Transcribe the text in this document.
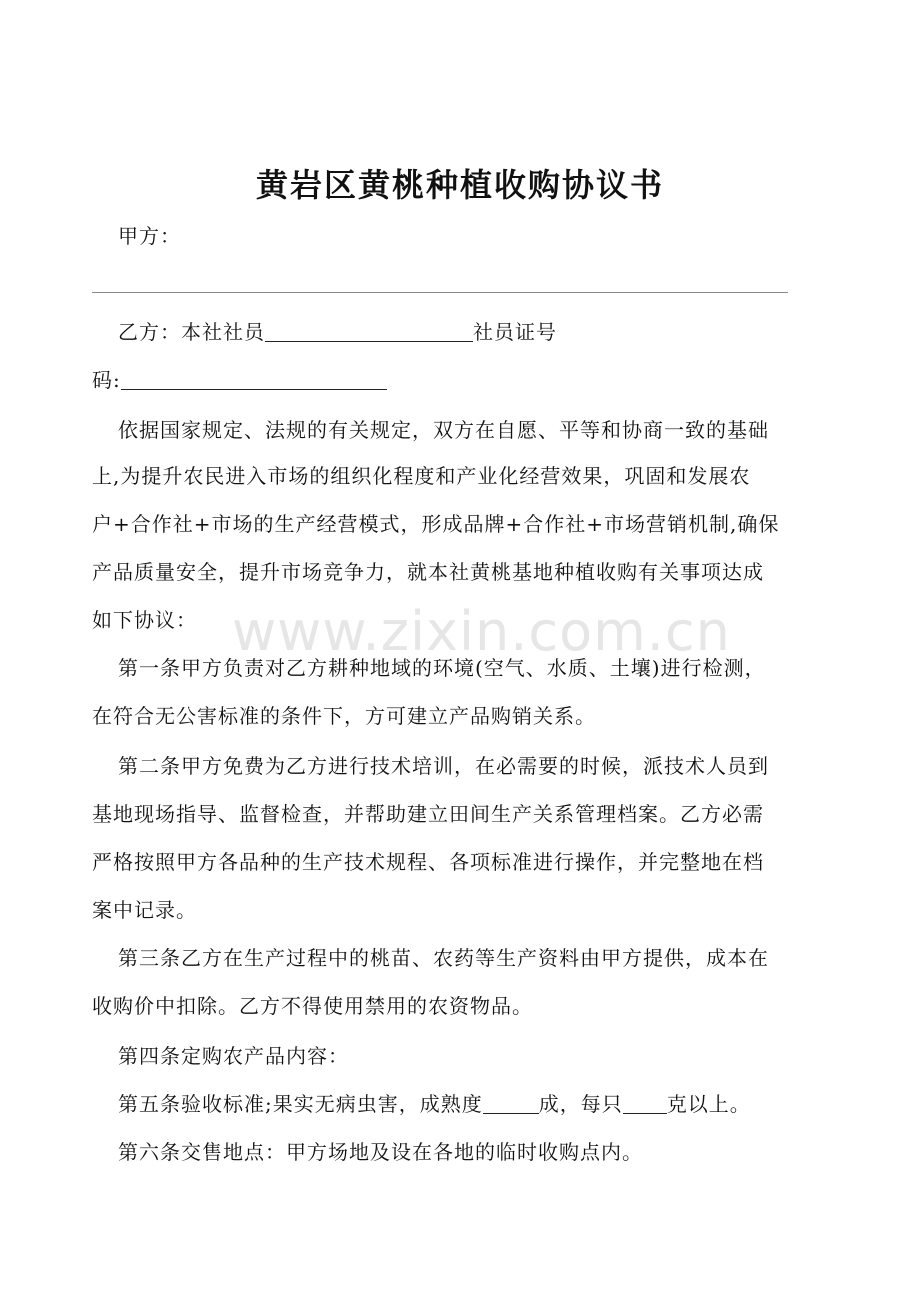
黄岩区黄桃种植收购协议书
甲方：
乙方：本社社员	社员证号
码:
依据国家规定、法规的有关规定，双方在自愿、平等和协商一致的基础
上,为提升农民进入市场的组织化程度和产业化经营效果，巩固和发展农
户+合作社+市场的生产经营模式，形成品牌+合作社+市场营销机制,确保
产品质量安全，提升市场竞争力，就本社黄桃基地种植收购有关事项达成
如下协议：
第一条甲方负责对乙方耕种地域的环境(空气、水质、土壤)进行检测，
在符合无公害标准的条件下，方可建立产品购销关系。
第二条甲方免费为乙方进行技术培训，在必需要的时候，派技术人员到
基地现场指导、监督检查，并帮助建立田间生产关系管理档案。乙方必需
严格按照甲方各品种的生产技术规程、各项标准进行操作，并完整地在档
案中记录。
第三条乙方在生产过程中的桃苗、农药等生产资料由甲方提供，成本在
收购价中扣除。乙方不得使用禁用的农资物品。
第四条定购农产品内容：
第五条验收标准;果实无病虫害，成熟度	成，每只 克以上。
第六条交售地点：甲方场地及设在各地的临时收购点内。
www.zixin.com.cn
